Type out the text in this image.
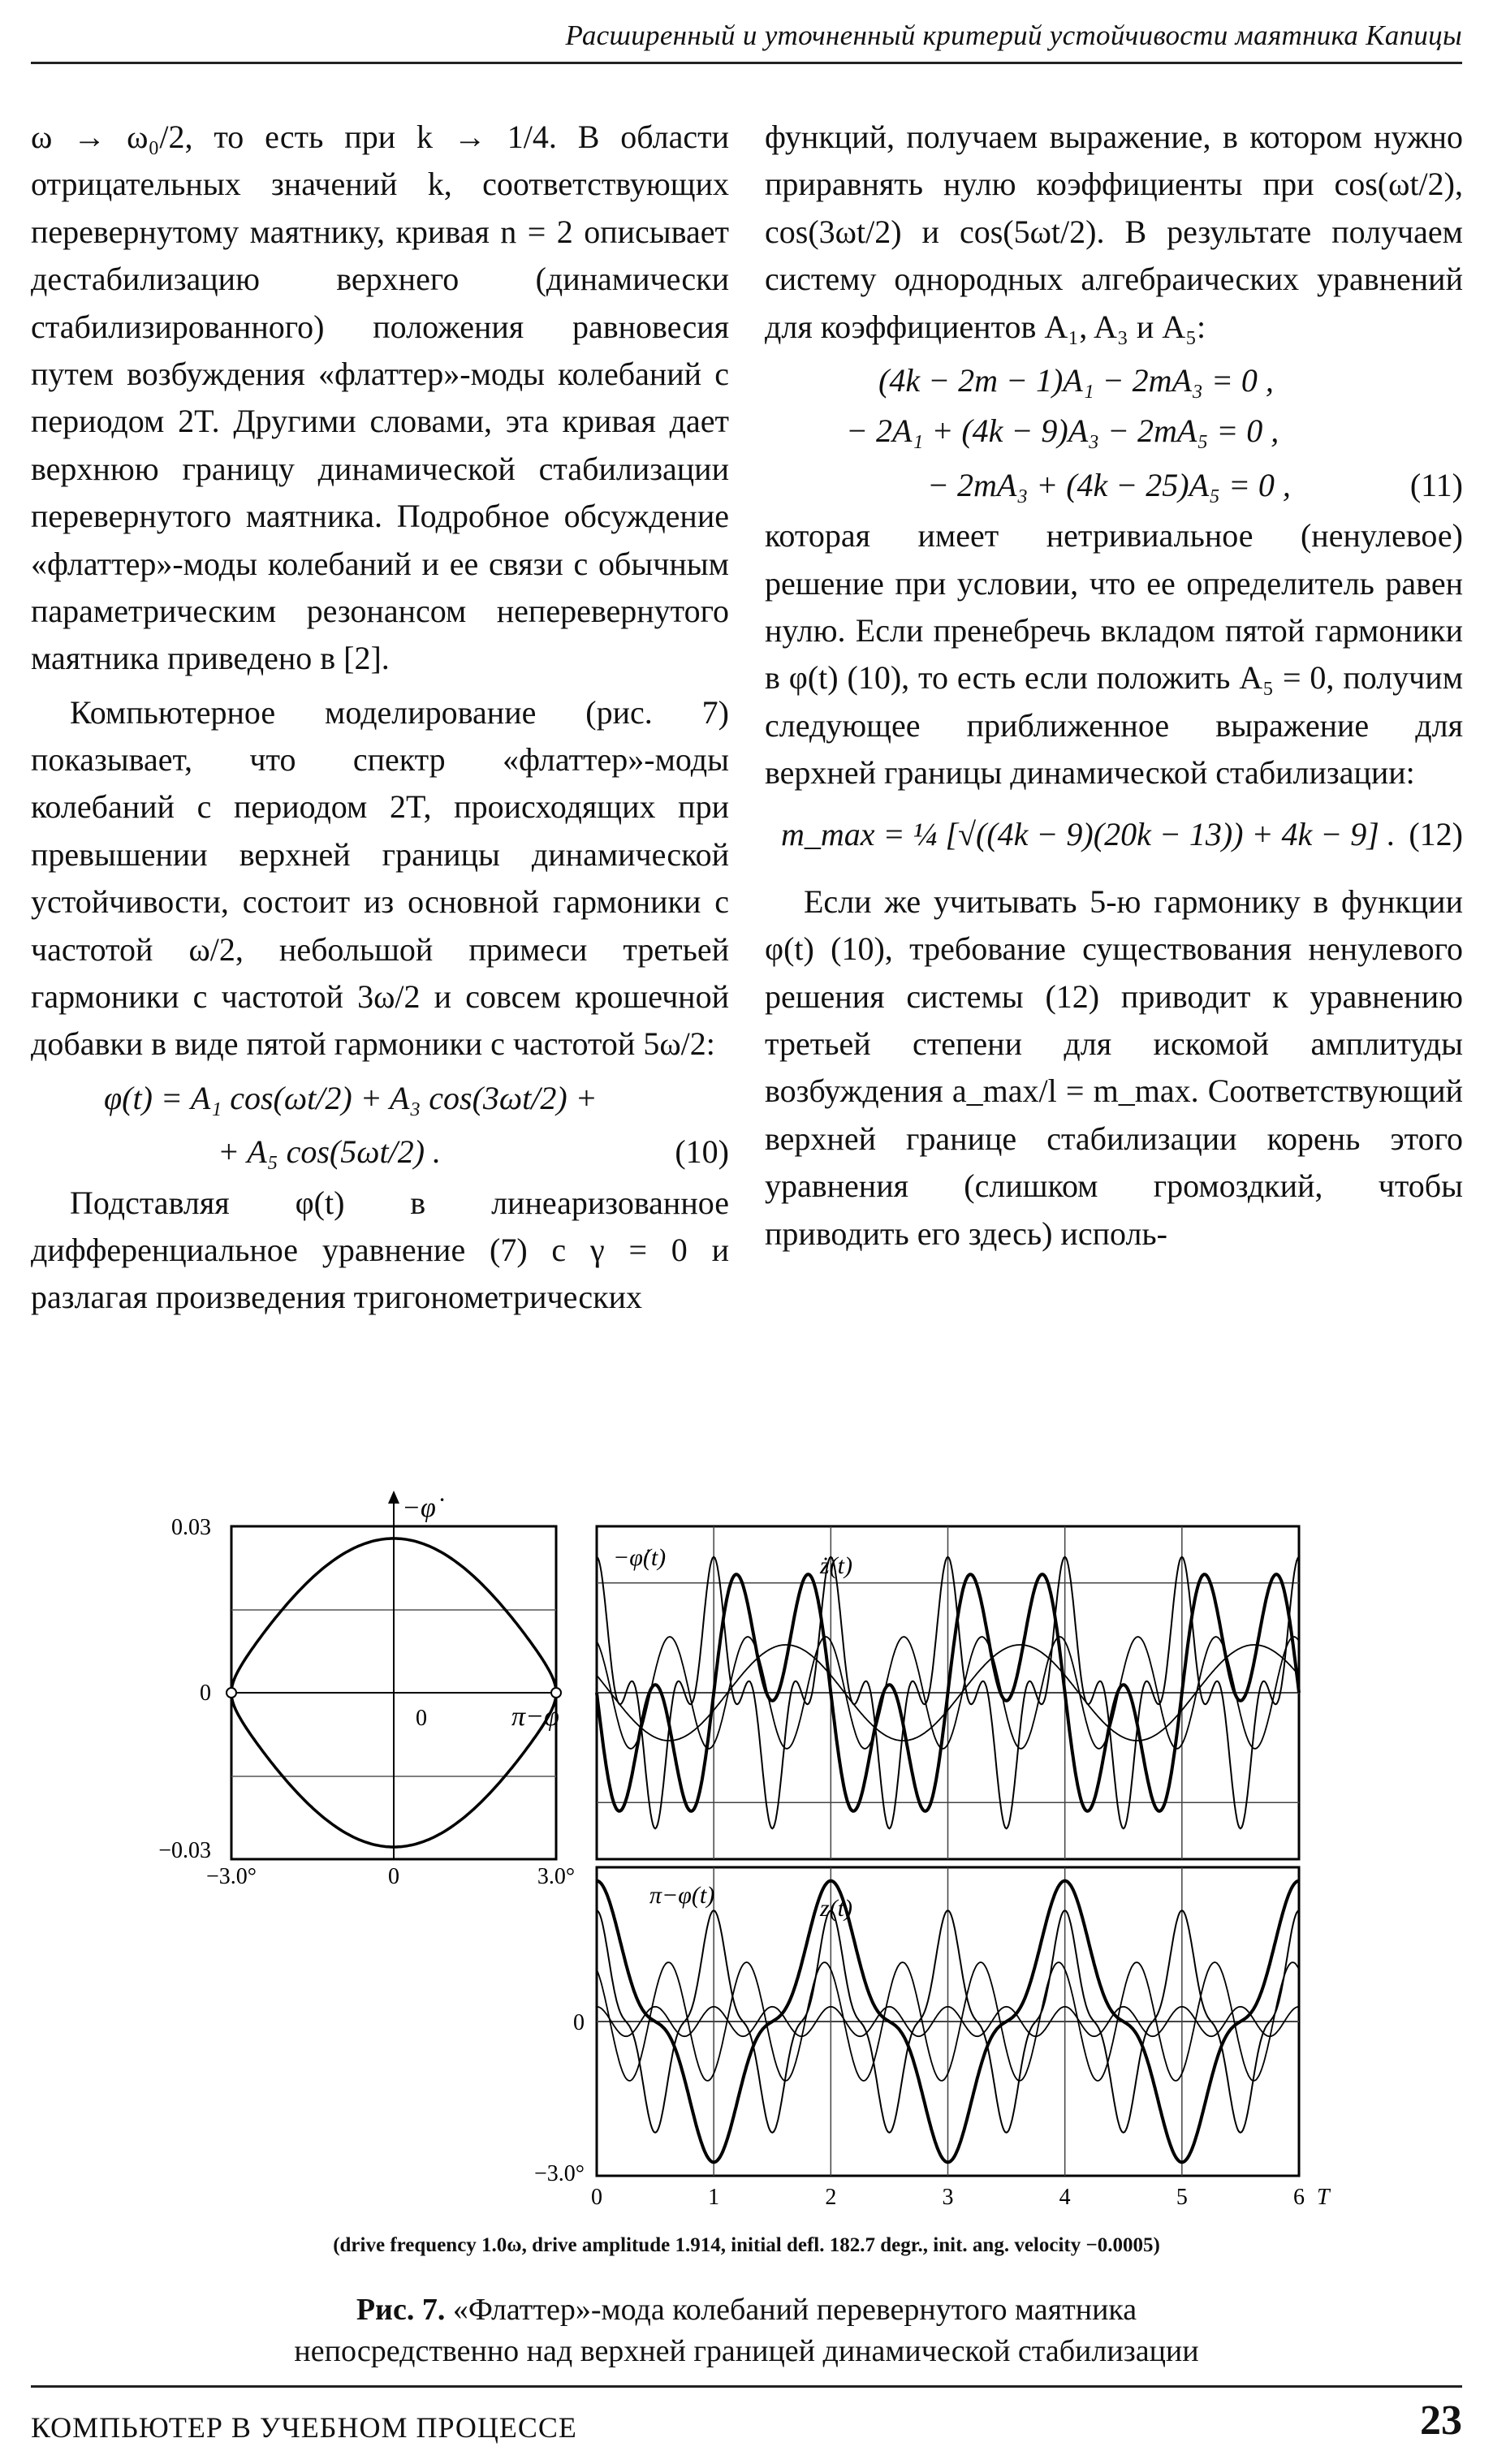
Расширенный и уточненный критерий устойчивости маятника Капицы

ω → ω₀/2, то есть при k → 1/4. В области отрицательных значений k, соответствующих перевернутому маятнику, кривая n = 2 описывает дестабилизацию верхнего (динамически стабилизированного) положения равновесия путем возбуждения «флаттер»-моды колебаний с периодом 2T. Другими словами, эта кривая дает верхнюю границу динамической стабилизации перевернутого маятника. Подробное обсуждение «флаттер»-моды колебаний и ее связи с обычным параметрическим резонансом неперевернутого маятника приведено в [2].

Компьютерное моделирование (рис. 7) показывает, что спектр «флаттер»-моды колебаний с периодом 2T, происходящих при превышении верхней границы динамической устойчивости, состоит из основной гармоники с частотой ω/2, небольшой примеси третьей гармоники с частотой 3ω/2 и совсем крошечной добавки в виде пятой гармоники с частотой 5ω/2:

φ(t) = A₁ cos(ωt/2) + A₃ cos(3ωt/2) +
+ A₅ cos(5ωt/2) .	(10)

Подставляя φ(t) в линеаризованное дифференциальное уравнение (7) с γ = 0 и разлагая произведения тригонометрических

функций, получаем выражение, в котором нужно приравнять нулю коэффициенты при cos(ωt/2), cos(3ωt/2) и cos(5ωt/2). В результате получаем систему однородных алгебраических уравнений для коэффициентов A₁, A₃ и A₅:

(4k − 2m − 1)A₁ − 2mA₃ = 0 ,
− 2A₁ + (4k − 9)A₃ − 2mA₅ = 0 ,
− 2mA₃ + (4k − 25)A₅ = 0 ,	(11)

которая имеет нетривиальное (ненулевое) решение при условии, что ее определитель равен нулю. Если пренебречь вкладом пятой гармоники в φ(t) (10), то есть если положить A₅ = 0, получим следующее приближенное выражение для верхней границы динамической стабилизации:

m_max = ¼ [√((4k − 9)(20k − 13)) + 4k − 9] . (12)

Если же учитывать 5-ю гармонику в функции φ(t) (10), требование существования ненулевого решения системы (12) приводит к уравнению третьей степени для искомой амплитуды возбуждения a_max/l = m_max. Соответствующий верхней границе стабилизации корень этого уравнения (слишком громоздкий, чтобы приводить его здесь) исполь-

0.03
0
−0.03
−3.0°	0	3.0°
−φ̇
π−φ
0
−φ̇(t)	ż(t)
π−φ(t)	z(t)
0
−3.0°
0	1	2	3	4	5	6 T
(drive frequency 1.0ω, drive amplitude 1.914, initial defl. 182.7 degr., init. ang. velocity −0.0005)
Рис. 7. «Флаттер»-мода колебаний перевернутого маятника
непосредственно над верхней границей динамической стабилизации
КОМПЬЮТЕР В УЧЕБНОМ ПРОЦЕССЕ	23
